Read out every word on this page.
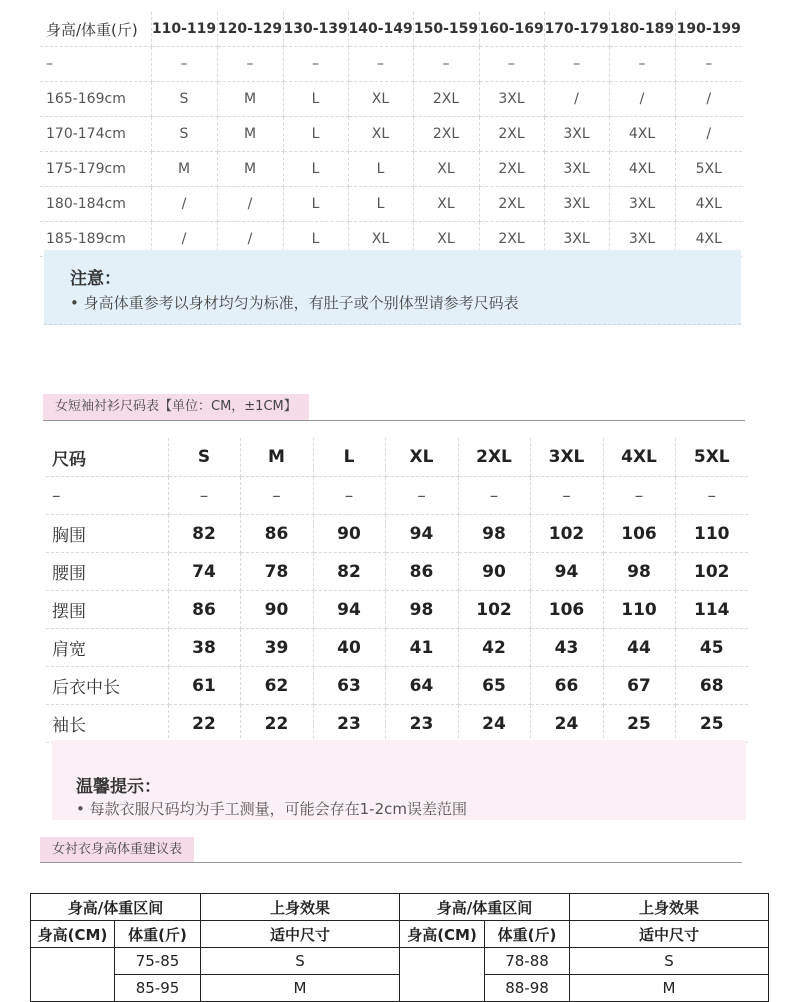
身高/体重(斤)	110-119	120-129	130-139	140-149	150-159	160-169	170-179	180-189	190-199
–	–	–	–	–	–	–	–	–	–
165-169cm	S	M	L	XL	2XL	3XL	/	/	/
170-174cm	S	M	L	XL	2XL	2XL	3XL	4XL	/
175-179cm	M	M	L	L	XL	2XL	3XL	4XL	5XL
180-184cm	/	/	L	L	XL	2XL	3XL	3XL	4XL
185-189cm	/	/	L	XL	XL	2XL	3XL	3XL	4XL
注意：
• 身高体重参考以身材均匀为标准，有肚子或个别体型请参考尺码表
女短袖衬衫尺码表【单位：CM，±1CM】
尺码	S	M	L	XL	2XL	3XL	4XL	5XL
–	–	–	–	–	–	–	–	–
胸围	82	86	90	94	98	102	106	110
腰围	74	78	82	86	90	94	98	102
摆围	86	90	94	98	102	106	110	114
肩宽	38	39	40	41	42	43	44	45
后衣中长	61	62	63	64	65	66	67	68
袖长	22	22	23	23	24	24	25	25
温馨提示：
• 每款衣服尺码均为手工测量，可能会存在1-2cm误差范围
女衬衣身高体重建议表
身高/体重区间		上身效果	身高/体重区间		上身效果
身高(CM)	体重(斤)	适中尺寸	身高(CM)	体重(斤)	适中尺寸
	75-85	S		78-88	S
	85-95	M		88-98	M
